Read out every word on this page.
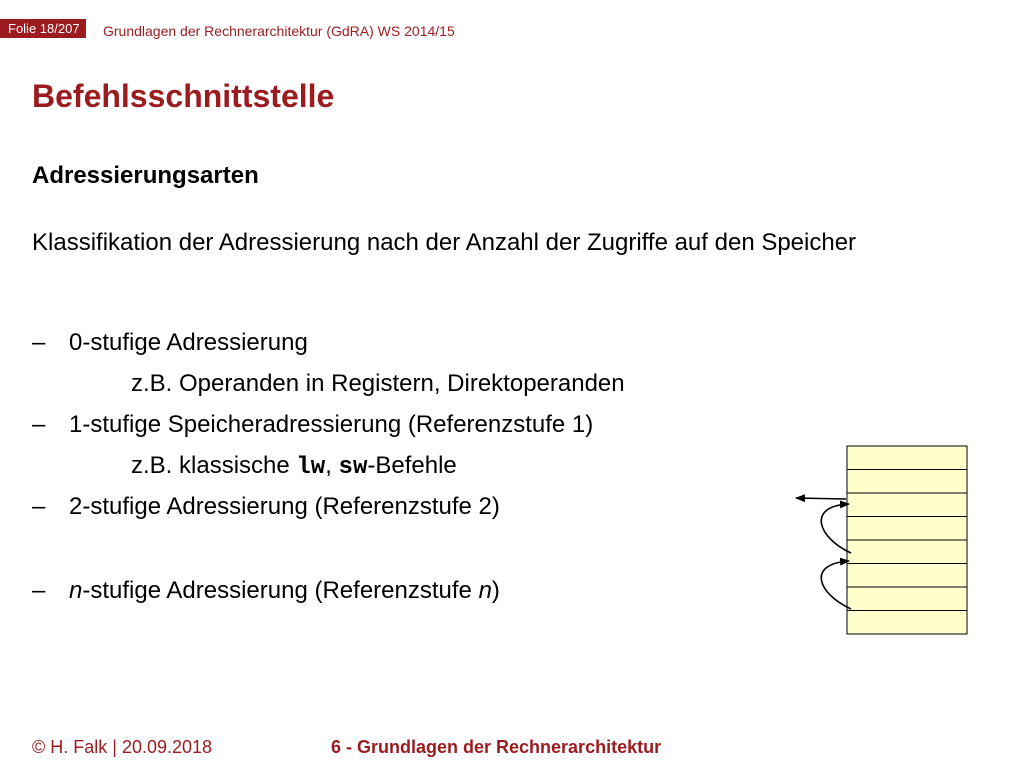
Folie 18/207	Grundlagen der Rechnerarchitektur (GdRA) WS 2014/15
Befehlsschnittstelle
Adressierungsarten
Klassifikation der Adressierung nach der Anzahl der Zugriffe auf den Speicher
– 0-stufige Adressierung
z.B. Operanden in Registern, Direktoperanden
– 1-stufige Speicheradressierung (Referenzstufe 1)
z.B. klassische lw, sw-Befehle
– 2-stufige Adressierung (Referenzstufe 2)
– n-stufige Adressierung (Referenzstufe n)
© H. Falk | 20.09.2018	6 - Grundlagen der Rechnerarchitektur
